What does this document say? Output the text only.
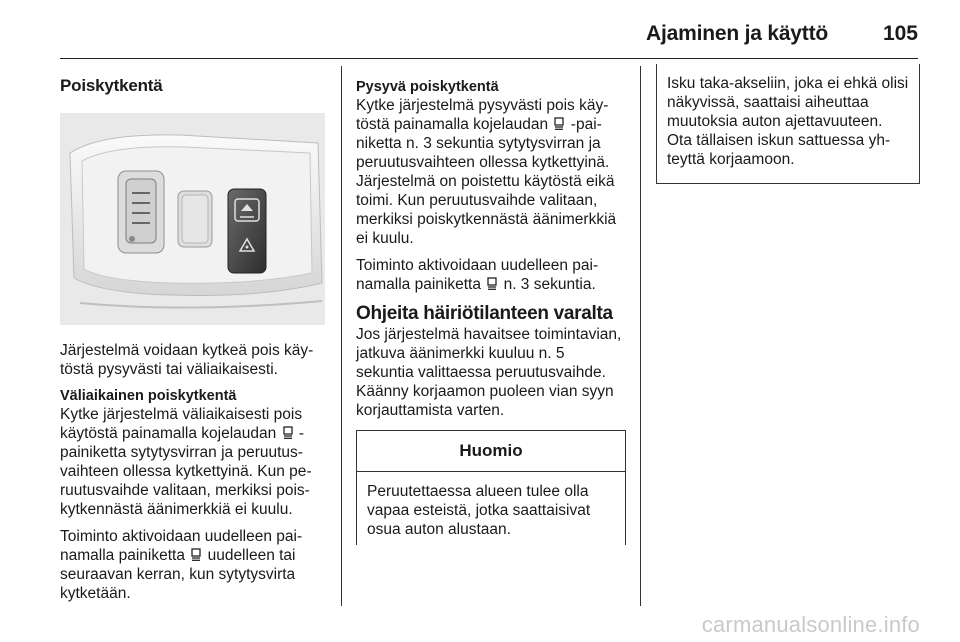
Ajaminen ja käyttö	105
Poiskytkentä

Järjestelmä voidaan kytkeä pois käytöstä pysyvästi tai väliaikaisesti.

Väliaikainen poiskytkentä

Kytke järjestelmä väliaikaisesti pois käytöstä painamalla kojelaudan -painiketta sytytysvirran ja peruutusvaihteen ollessa kytkettyinä. Kun peruutusvaihde valitaan, merkiksi poiskytkennästä äänimerkkiä ei kuulu.

Toiminto aktivoidaan uudelleen painamalla painiketta uudelleen tai seuraavan kerran, kun sytytysvirta kytketään.

Pysyvä poiskytkentä

Kytke järjestelmä pysyvästi pois käytöstä painamalla kojelaudan -painiketta n. 3 sekuntia sytytysvirran ja peruutusvaihteen ollessa kytkettyinä. Järjestelmä on poistettu käytöstä eikä toimi. Kun peruutusvaihde valitaan, merkiksi poiskytkennästä äänimerkkiä ei kuulu.

Toiminto aktivoidaan uudelleen painamalla painiketta n. 3 sekuntia.

Ohjeita häiriötilanteen varalta

Jos järjestelmä havaitsee toimintavian, jatkuva äänimerkki kuuluu n. 5 sekuntia valittaessa peruutusvaihde. Käänny korjaamon puoleen vian syyn korjauttamista varten.

Huomio
Peruutettaessa alueen tulee olla vapaa esteistä, jotka saattaisivat osua auton alustaan.
Isku taka-akseliin, joka ei ehkä olisi näkyvissä, saattaisi aiheuttaa muutoksia auton ajettavuuteen. Ota tällaisen iskun sattuessa yhteyttä korjaamoon.
carmanualsonline.info
